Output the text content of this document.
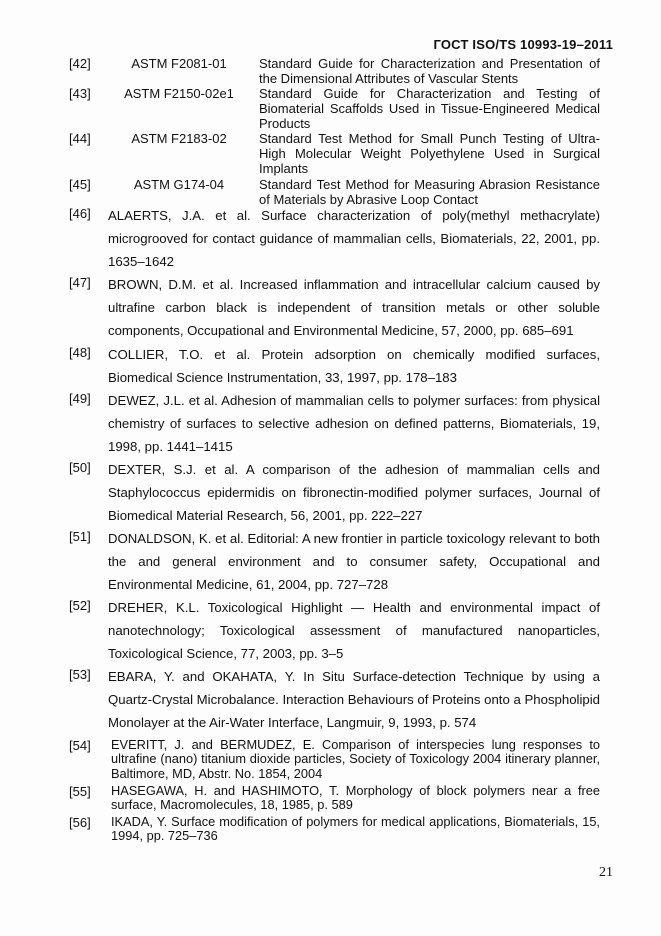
ГОСТ ISO/TS 10993-19–2011
[42]	ASTM F2081-01	Standard Guide for Characterization and Presentation of the Dimensional Attributes of Vascular Stents
[43]	ASTM F2150-02e1	Standard Guide for Characterization and Testing of Biomaterial Scaffolds Used in Tissue-Engineered Medical Products
[44]	ASTM F2183-02	Standard Test Method for Small Punch Testing of Ultra-High Molecular Weight Polyethylene Used in Surgical Implants
[45]	ASTM G174-04	Standard Test Method for Measuring Abrasion Resistance of Materials by Abrasive Loop Contact
[46] ALAERTS, J.A. et al. Surface characterization of poly(methyl methacrylate) microgrooved for contact guidance of mammalian cells, Biomaterials, 22, 2001, pp. 1635–1642
[47] BROWN, D.M. et al. Increased inflammation and intracellular calcium caused by ultrafine carbon black is independent of transition metals or other soluble components, Occupational and Environmental Medicine, 57, 2000, pp. 685–691
[48] COLLIER, T.O. et al. Protein adsorption on chemically modified surfaces, Biomedical Science Instrumentation, 33, 1997, pp. 178–183
[49] DEWEZ, J.L. et al. Adhesion of mammalian cells to polymer surfaces: from physical chemistry of surfaces to selective adhesion on defined patterns, Biomaterials, 19, 1998, pp. 1441–1415
[50] DEXTER, S.J. et al. A comparison of the adhesion of mammalian cells and Staphylococcus epidermidis on fibronectin-modified polymer surfaces, Journal of Biomedical Material Research, 56, 2001, pp. 222–227
[51] DONALDSON, K. et al. Editorial: A new frontier in particle toxicology relevant to both the and general environment and to consumer safety, Occupational and Environmental Medicine, 61, 2004, pp. 727–728
[52] DREHER, K.L. Toxicological Highlight — Health and environmental impact of nanotechnology; Toxicological assessment of manufactured nanoparticles, Toxicological Science, 77, 2003, pp. 3–5
[53] EBARA, Y. and OKAHATA, Y. In Situ Surface-detection Technique by using a Quartz-Crystal Microbalance. Interaction Behaviours of Proteins onto a Phospholipid Monolayer at the Air-Water Interface, Langmuir, 9, 1993, p. 574
[54] EVERITT, J. and BERMUDEZ, E. Comparison of interspecies lung responses to ultrafine (nano) titanium dioxide particles, Society of Toxicology 2004 itinerary planner, Baltimore, MD, Abstr. No. 1854, 2004
[55] HASEGAWA, H. and HASHIMOTO, T. Morphology of block polymers near a free surface, Macromolecules, 18, 1985, p. 589
[56] IKADA, Y. Surface modification of polymers for medical applications, Biomaterials, 15, 1994, pp. 725–736
21
